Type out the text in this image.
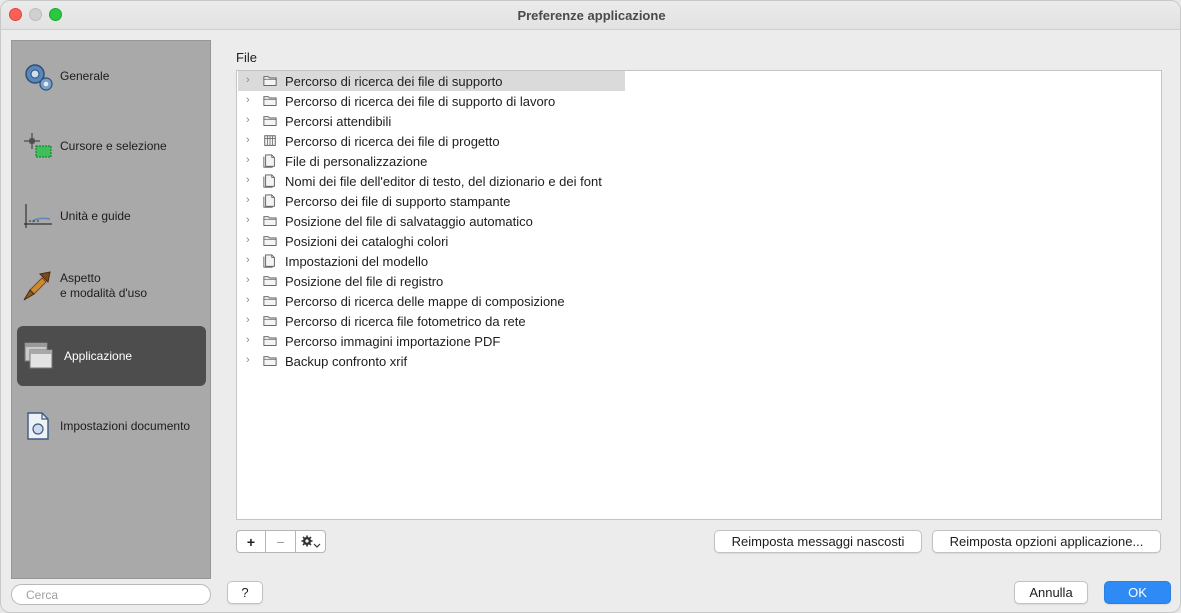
Preferenze applicazione
Generale
Cursore e selezione
Unità e guide
Aspetto
e modalità d'uso
Applicazione
Impostazioni documento
Cerca
File
›	Percorso di ricerca dei file di supporto
›	Percorso di ricerca dei file di supporto di lavoro
›	Percorsi attendibili
›	Percorso di ricerca dei file di progetto
›	File di personalizzazione
›	Nomi dei file dell'editor di testo, del dizionario e dei font
›	Percorso dei file di supporto stampante
›	Posizione del file di salvataggio automatico
›	Posizioni dei cataloghi colori
›	Impostazioni del modello
›	Posizione del file di registro
›	Percorso di ricerca delle mappe di composizione
›	Percorso di ricerca file fotometrico da rete
›	Percorso immagini importazione PDF
›	Backup confronto xrif
+	−	Reimposta messaggi nascosti	Reimposta opzioni applicazione...
?	Annulla	OK
